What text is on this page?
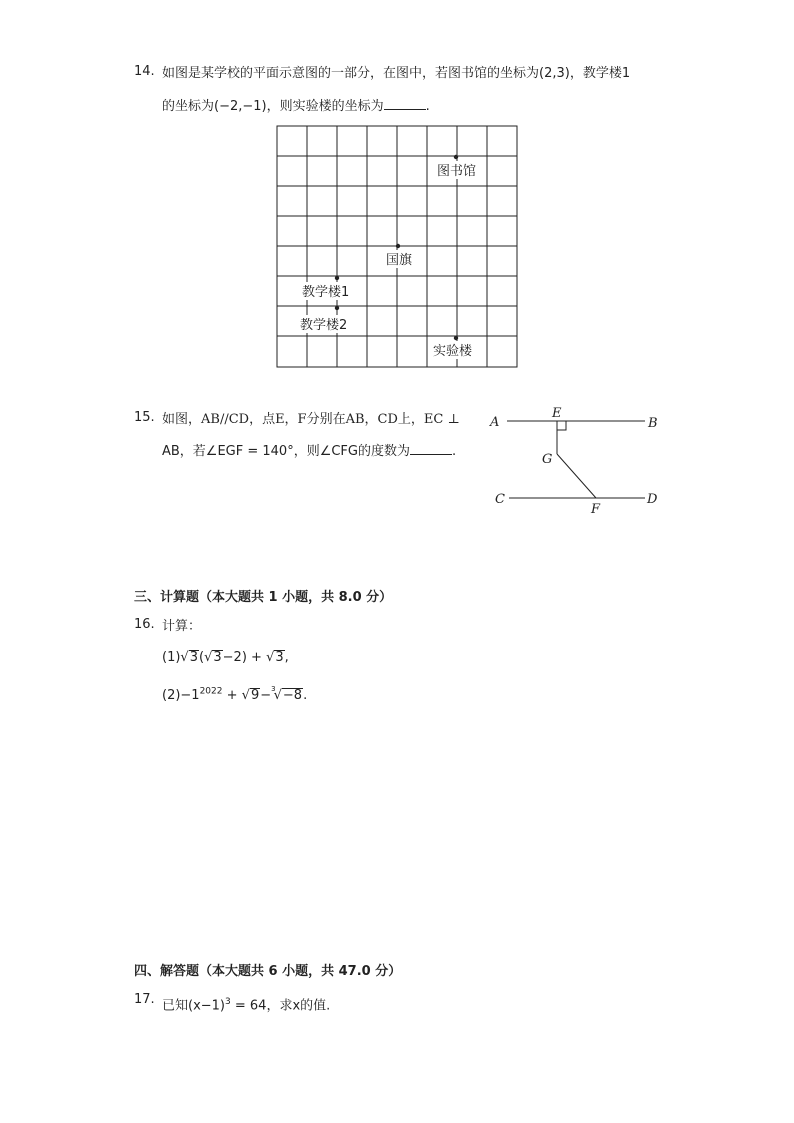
14. 如图是某学校的平面示意图的一部分，在图中，若图书馆的坐标为(2,3)，教学楼1
的坐标为(−2,−1)，则实验楼的坐标为	.
图书馆
国旗
教学楼1
教学楼2
实验楼
15. 如图，AB//CD，点E，F分别在AB，CD上，EC ⊥
AB，若∠EGF = 140°，则∠CFG的度数为	.
A	B
E
G
C	D
F
三、计算题（本大题共 1 小题，共 8.0 分）
16. 计算：
(1)√3(√3−2) + √3,
$(2)-1^{2022} + √9-^3√-8$.
四、解答题（本大题共 6 小题，共 47.0 分）
17. 已知$(x-1)^3 = 64$，求x的值.
